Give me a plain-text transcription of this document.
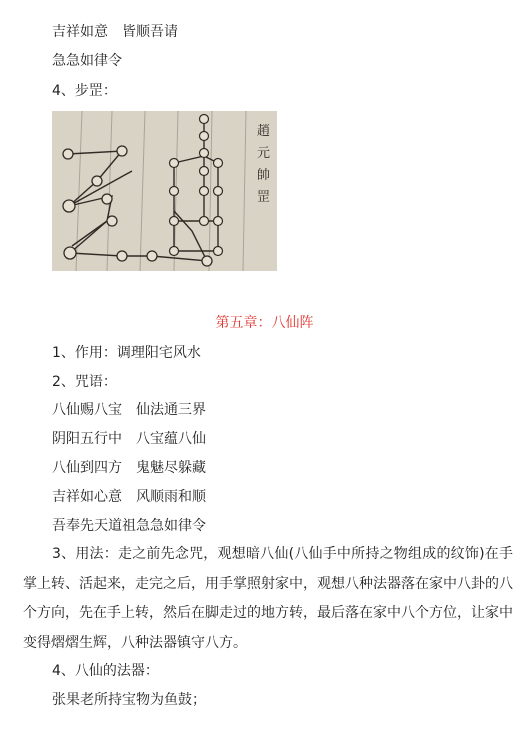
吉祥如意　皆顺吾请
急急如律令
4、步罡：
趙
元
帥
罡
第五章：八仙阵
1、作用：调理阳宅风水
2、咒语：
八仙赐八宝　仙法通三界
阴阳五行中　八宝蕴八仙
八仙到四方　鬼魅尽躲藏
吉祥如心意　风顺雨和顺
吾奉先天道祖急急如律令
3、用法：走之前先念咒，观想暗八仙(八仙手中所持之物组成的纹饰)在手掌上转、活起来，走完之后，用手掌照射家中，观想八种法器落在家中八卦的八个方向，先在手上转，然后在脚走过的地方转，最后落在家中八个方位，让家中变得熠熠生辉，八种法器镇守八方。
4、八仙的法器：
张果老所持宝物为鱼鼓；
